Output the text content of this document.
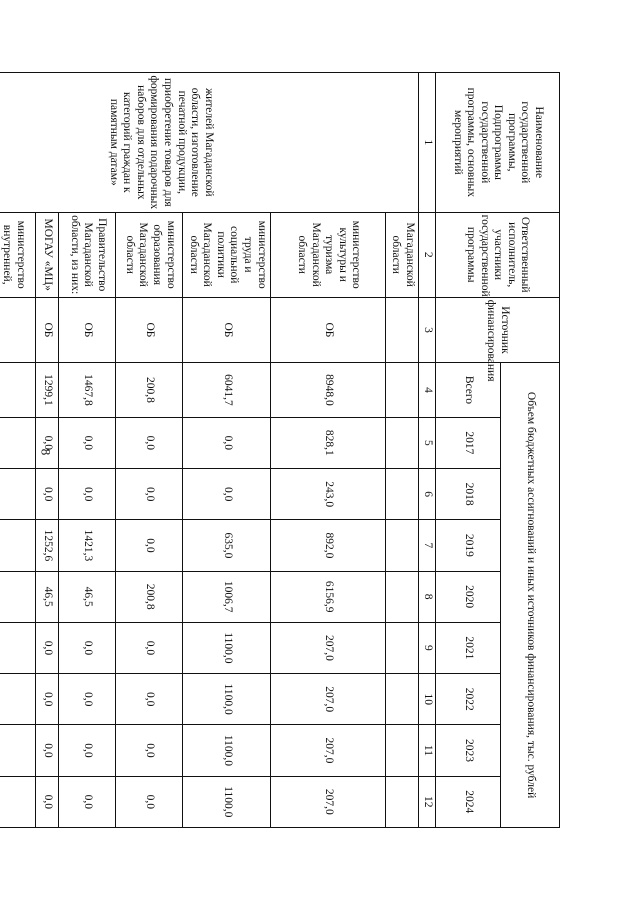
8
Наименование государственной программы, Подпрограммы государственной программы, основных мероприятий	Ответственный исполнитель, участники государственной программы	Источник финансирования	Объем бюджетных ассигнований и иных источников финансирования, тыс. рублей								
			Всего	2017	2018	2019	2020	2021	2022	2023	2024
1	2	3	4	5	6	7	8	9	10	11	12
жителей Магаданской области, изготовление печатной продукции, приобретение товаров для формирования подарочных наборов для отдельных категорий граждан к памятным датам»	Магаданской области										
	министерство культуры и туризма Магаданской области	ОБ	8948,0	828,1	243,0	892,0	6156,9	207,0	207,0	207,0	207,0
	министерство труда и социальной политики Магаданской области	ОБ	6041,7	0,0	0,0	635,0	1006,7	1100,0	1100,0	1100,0	1100,0
	министерство образования Магаданской области	ОБ	200,8	0,0	0,0	0,0	200,8	0,0	0,0	0,0	0,0
	Правительство Магаданской области, из них:	ОБ	1467,8	0,0	0,0	1421,3	46,5	0,0	0,0	0,0	0,0
	МОГАУ «МЦ»	ОБ	1299,1	0,0	0,0	1252,6	46,5	0,0	0,0	0,0	0,0
	министерство внутренней,										
